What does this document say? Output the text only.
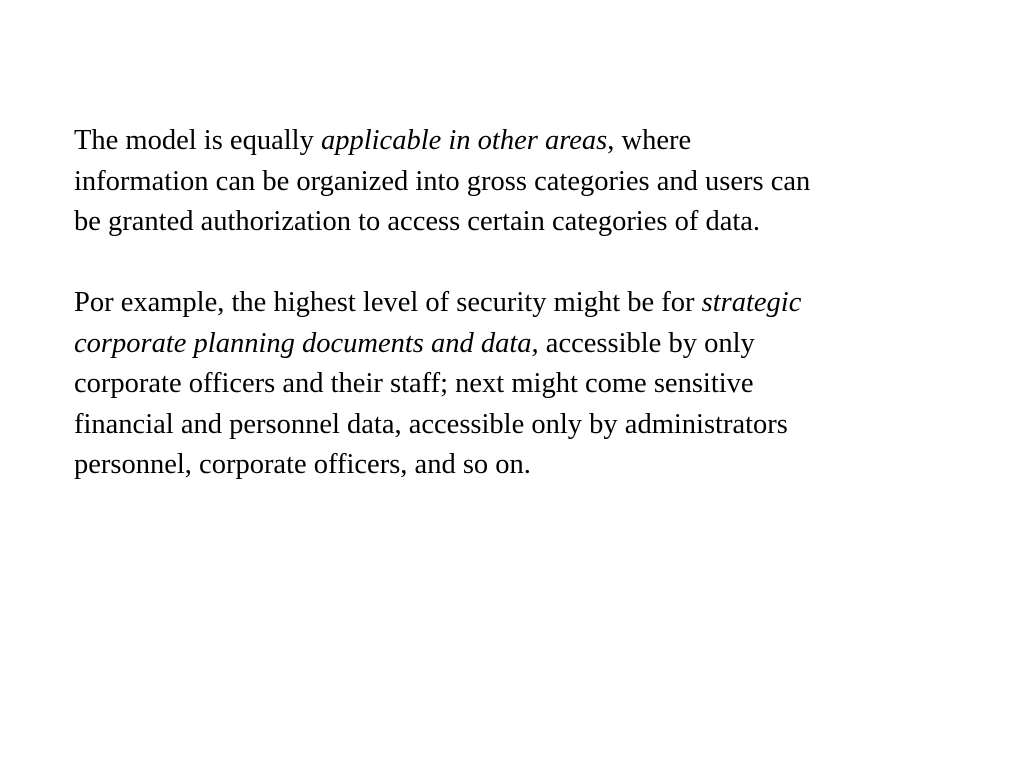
The model is equally applicable in other areas, where
information can be organized into gross categories and users can
be granted authorization to access certain categories of data.

Por example, the highest level of security might be for strategic
corporate planning documents and data, accessible by only
corporate officers and their staff; next might come sensitive
financial and personnel data, accessible only by administrators
personnel, corporate officers, and so on.
